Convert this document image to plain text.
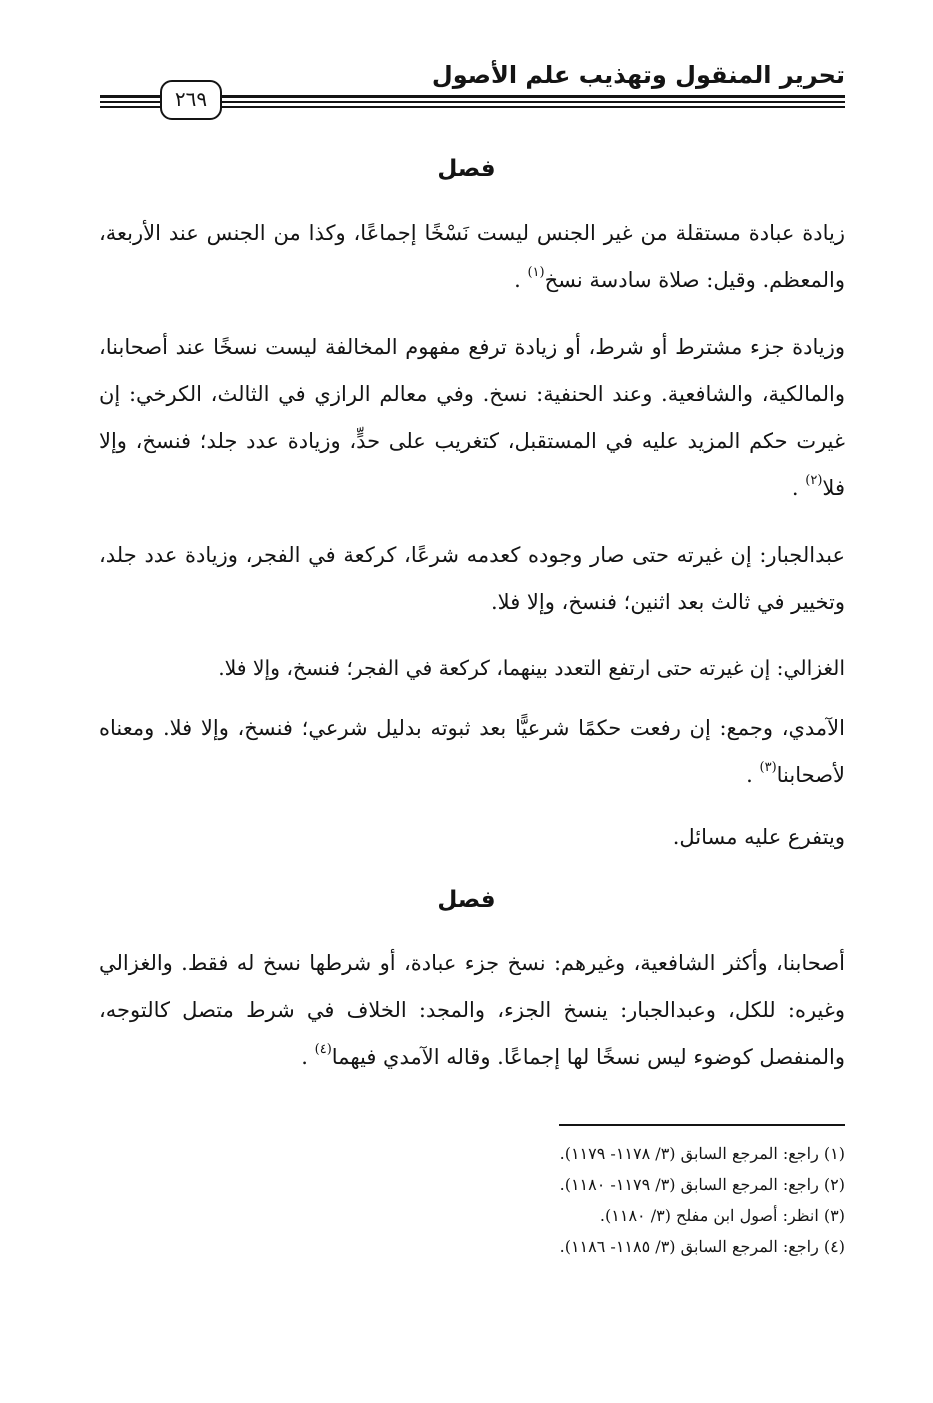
تحرير المنقول وتهذيب علم الأصول
٢٦٩
فصل

زيادة عبادة مستقلة من غير الجنس ليست نَسْخًا إجماعًا، وكذا من الجنس عند الأربعة، والمعظم. وقيل: صلاة سادسة نسخ$^{(١)}$ .

وزيادة جزء مشترط أو شرط، أو زيادة ترفع مفهوم المخالفة ليست نسخًا عند أصحابنا، والمالكية، والشافعية. وعند الحنفية: نسخ. وفي معالم الرازي في الثالث، الكرخي: إن غيرت حكم المزيد عليه في المستقبل، كتغريب على حدٍّ، وزيادة عدد جلد؛ فنسخ، وإلا فلا$^{(٢)}$ .

عبدالجبار: إن غيرته حتى صار وجوده كعدمه شرعًا، كركعة في الفجر، وزيادة عدد جلد، وتخيير في ثالث بعد اثنين؛ فنسخ، وإلا فلا.

الغزالي: إن غيرته حتى ارتفع التعدد بينهما، كركعة في الفجر؛ فنسخ، وإلا فلا.

الآمدي، وجمع: إن رفعت حكمًا شرعيًّا بعد ثبوته بدليل شرعي؛ فنسخ، وإلا فلا. ومعناه لأصحابنا$^{(٣)}$ .

ويتفرع عليه مسائل.

فصل

أصحابنا، وأكثر الشافعية، وغيرهم: نسخ جزء عبادة، أو شرطها نسخ له فقط. والغزالي وغيره: للكل، وعبدالجبار: ينسخ الجزء، والمجد: الخلاف في شرط متصل كالتوجه، والمنفصل كوضوء ليس نسخًا لها إجماعًا. وقاله الآمدي فيهما$^{(٤)}$ .

(١) راجع: المرجع السابق (٣/ ١١٧٨- ١١٧٩).

(٢) راجع: المرجع السابق (٣/ ١١٧٩- ١١٨٠).

(٣) انظر: أصول ابن مفلح (٣/ ١١٨٠).

(٤) راجع: المرجع السابق (٣/ ١١٨٥- ١١٨٦).
